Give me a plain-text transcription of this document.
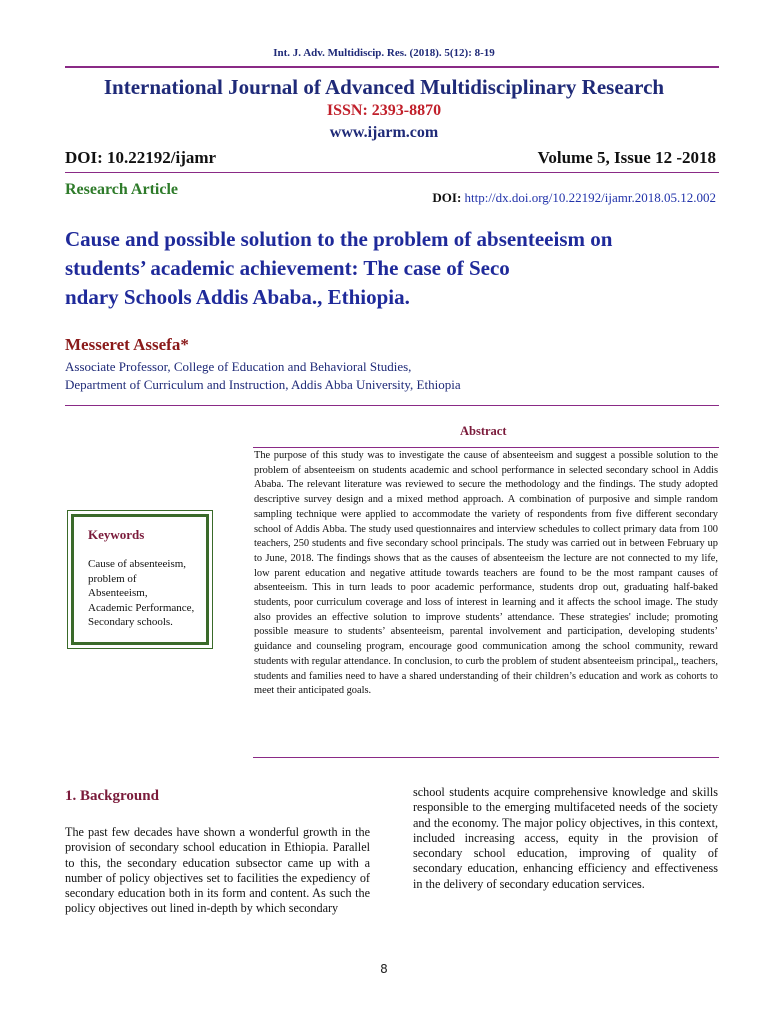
Int. J. Adv. Multidiscip. Res. (2018). 5(12): 8-19
International Journal of Advanced Multidisciplinary Research
ISSN: 2393-8870
www.ijarm.com
DOI: 10.22192/ijamr	Volume 5, Issue 12 -2018
Research Article	DOI: http://dx.doi.org/10.22192/ijamr.2018.05.12.002
Cause and possible solution to the problem of absenteeism on
students’ academic achievement: The case of Seco
ndary Schools Addis Ababa., Ethiopia.
Messeret Assefa*
Associate Professor, College of Education and Behavioral Studies,
Department of Curriculum and Instruction, Addis Abba University, Ethiopia
Abstract
The purpose of this study was to investigate the cause of absenteeism and suggest a possible solution to the problem of absenteeism on students academic and school performance in selected secondary school in Addis Ababa. The relevant literature was reviewed to secure the methodology and the findings. The study adopted descriptive survey design and a mixed method approach. A combination of purposive and simple random sampling technique were applied to accommodate the variety of respondents from five different secondary school of Addis Abba. The study used questionnaires and interview schedules to collect primary data from 100 teachers, 250 students and five secondary school principals. The study was carried out in between February up to June, 2018. The findings shows that as the causes of absenteeism the lecture are not connected to my life, low parent education and negative attitude towards teachers are found to be the most rampant causes of absenteeism. This in turn leads to poor academic performance, students drop out, graduating half-baked students, poor curriculum coverage and loss of interest in learning and it affects the school image. The study also provides an effective solution to improve students’ attendance. These strategies' include; promoting possible measure to students’ absenteeism, parental involvement and participation, developing students’ guidance and counseling program, encourage good communication among the school community, reward students with regular attendance. In conclusion, to curb the problem of student absenteeism principal,, teachers, students and families need to have a shared understanding of their children’s education and work as cohorts to meet their anticipated goals.
Keywords
Cause of absenteeism,
problem of
Absenteeism,
Academic Performance,
Secondary schools.
1. Background
The past few decades have shown a wonderful growth in the provision of secondary school education in Ethiopia. Parallel to this, the secondary education subsector came up with a number of policy objectives set to facilities the expediency of secondary education both in its form and content. As such the policy objectives out lined in-depth by which secondary
school students acquire comprehensive knowledge and skills responsible to the emerging multifaceted needs of the society and the economy. The major policy objectives, in this context, included increasing access, equity in the provision of secondary school education, improving of quality of secondary education, enhancing efficiency and effectiveness in the delivery of secondary education services.
8
